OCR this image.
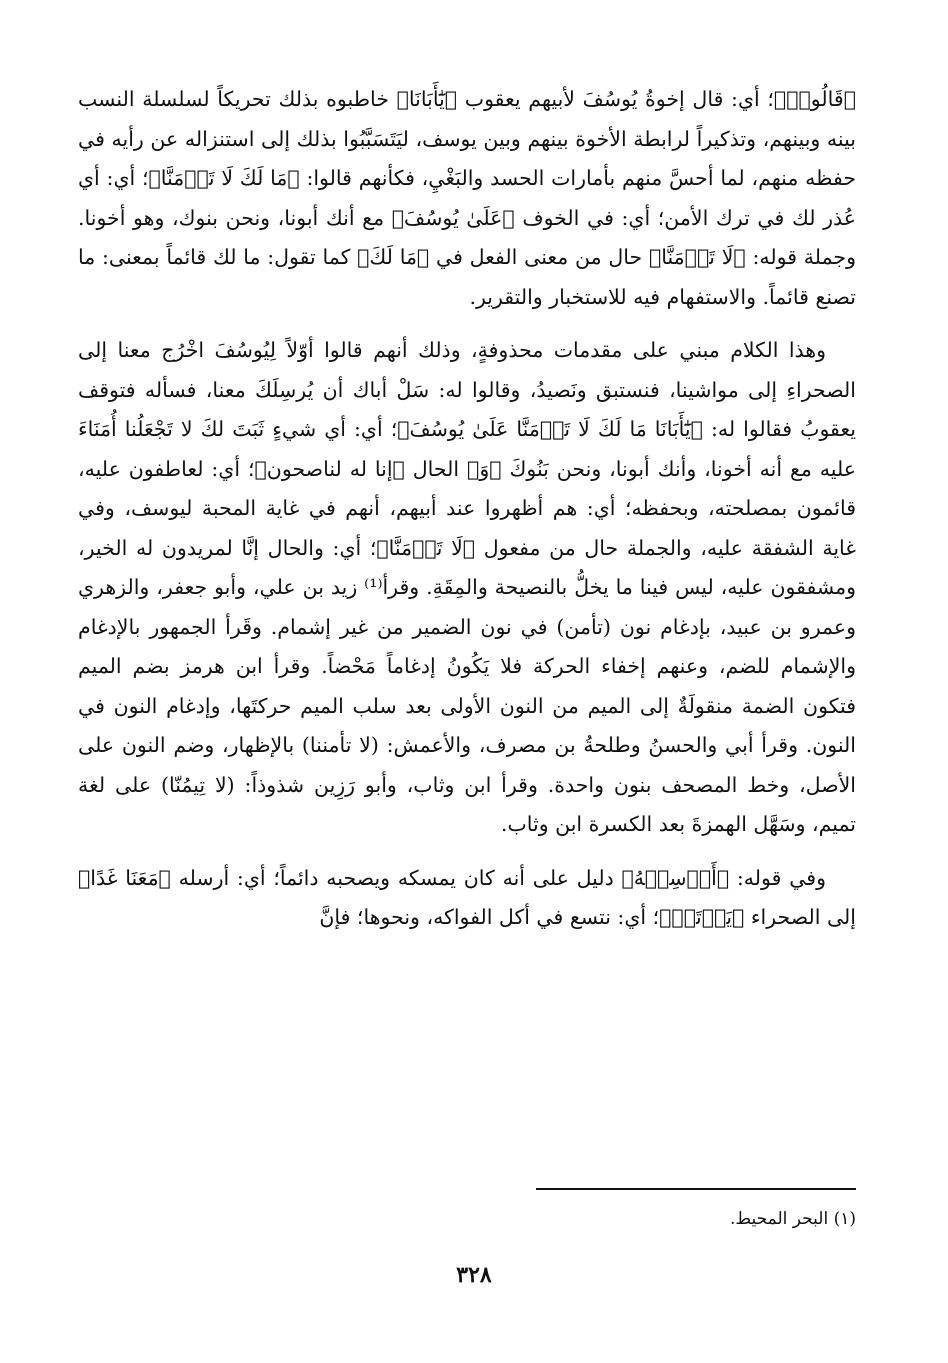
﴿قَالُوا۟﴾؛ أي: قال إخوةُ يُوسُفَ لأبيهم يعقوب ﴿يَٰٓأَبَانَا﴾ خاطبوه بذلك تحريكاً لسلسلة النسب بينه وبينهم، وتذكيراً لرابطة الأخوة بينهم وبين يوسف، ليَتَسَبَّبُوا بذلك إلى استنزاله عن رأيه في حفظه منهم، لما أحسَّ منهم بأمارات الحسد والبَغْيِ، فكأنهم قالوا: ﴿مَا لَكَ لَا تَأۡمَنَّا﴾؛ أي: أي عُذر لك في ترك الأمن؛ أي: في الخوف ﴿عَلَىٰ يُوسُفَ﴾ مع أنك أبونا، ونحن بنوك، وهو أخونا. وجملة قوله: ﴿لَا تَأۡمَنَّا﴾ حال من معنى الفعل في ﴿مَا لَكَ﴾ كما تقول: ما لك قائماً بمعنى: ما تصنع قائماً. والاستفهام فيه للاستخبار والتقرير.

وهذا الكلام مبني على مقدمات محذوفةٍ، وذلك أنهم قالوا أوّلاً لِيُوسُفَ اخْرُج معنا إلى الصحراءِ إلى مواشينا، فنستبق ونَصيدُ، وقالوا له: سَلْ أباك أن يُرسِلَكَ معنا، فسأله فتوقف يعقوبُ فقالوا له: ﴿يَٰٓأَبَانَا مَا لَكَ لَا تَأۡمَنَّا عَلَىٰ يُوسُفَ﴾؛ أي: أي شيءٍ ثَبَتَ لكَ لا تَجْعَلُنا أُمَنَاءَ عليه مع أنه أخونا، وأنك أبونا، ونحن بَنُوكَ ﴿وَ﴾ الحال ﴿إنا له لناصحون﴾؛ أي: لعاطفون عليه، قائمون بمصلحته، وبحفظه؛ أي: هم أظهروا عند أبيهم، أنهم في غاية المحبة ليوسف، وفي غاية الشفقة عليه، والجملة حال من مفعول ﴿لَا تَأۡمَنَّا﴾؛ أي: والحال إنَّا لمريدون له الخير، ومشفقون عليه، ليس فينا ما يخلُّ بالنصيحة والمِقَةِ. وقرأ⁽¹⁾ زيد بن علي، وأبو جعفر، والزهري وعمرو بن عبيد، بإدغام نون (تأمن) في نون الضمير من غير إشمام. وقَرأ الجمهور بالإدغام والإشمام للضم، وعنهم إخفاء الحركة فلا يَكُونُ إدغاماً مَحْضاً. وقرأ ابن هرمز بضم الميم فتكون الضمة منقولَةٌ إلى الميم من النون الأولى بعد سلب الميم حركتَها، وإدغام النون في النون. وقرأ أبي والحسنُ وطلحةُ بن مصرف، والأعمش: (لا تأمننا) بالإظهار، وضم النون على الأصل، وخط المصحف بنون واحدة. وقرأ ابن وثاب، وأبو رَزِين شذوذاً: (لا تِيمُنّا) على لغة تميم، وسَهَّل الهمزةَ بعد الكسرة ابن وثاب.

وفي قوله: ﴿أَرۡسِلۡهُ﴾ دليل على أنه كان يمسكه ويصحبه دائماً؛ أي: أرسله ﴿مَعَنَا غَدًا﴾ إلى الصحراء ﴿يَرۡتَعۡ﴾؛ أي: نتسع في أكل الفواكه، ونحوها؛ فإنَّ

(١) البحر المحيط.
٣٢٨
